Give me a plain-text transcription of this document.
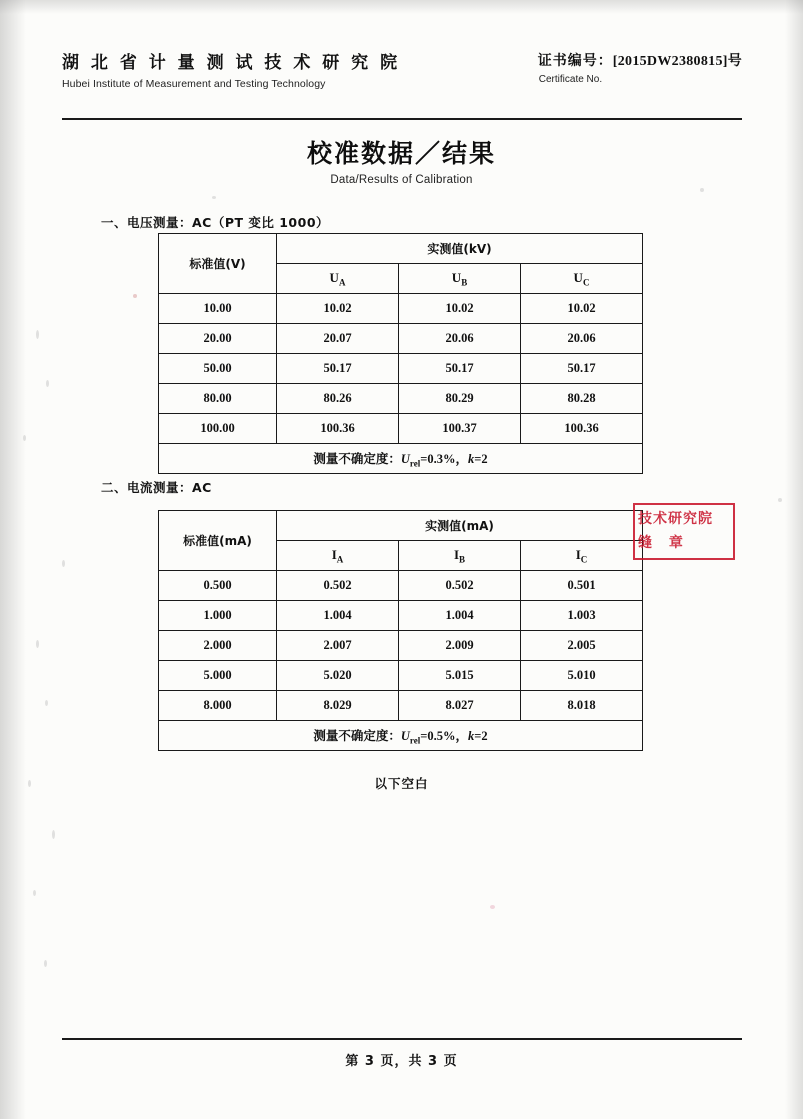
湖 北 省 计 量 测 试 技 术 研 究 院
Hubei Institute of Measurement and Testing Technology
证书编号： [2015DW2380815]号
Certificate No.
校准数据／结果
Data/Results of Calibration
一、电压测量：AC（PT 变比 1000）
标准值(V)	实测值(kV)		
	$U_A$	$U_B$	$U_C$
10.00	10.02	10.02	10.02
20.00	20.07	20.06	20.06
50.00	50.17	50.17	50.17
80.00	80.26	80.29	80.28
100.00	100.36	100.37	100.36
测量不确定度：$U_{rel}=0.3\%$，k=2			
二、电流测量：AC
标准值(mA)	实测值(mA)		
	$I_A$	$I_B$	$I_C$
0.500	0.502	0.502	0.501
1.000	1.004	1.004	1.003
2.000	2.007	2.009	2.005
5.000	5.020	5.015	5.010
8.000	8.029	8.027	8.018
测量不确定度：$U_{rel}=0.5\%$，k=2			
技术研究院
缝 章
以下空白
第 3 页，共 3 页
